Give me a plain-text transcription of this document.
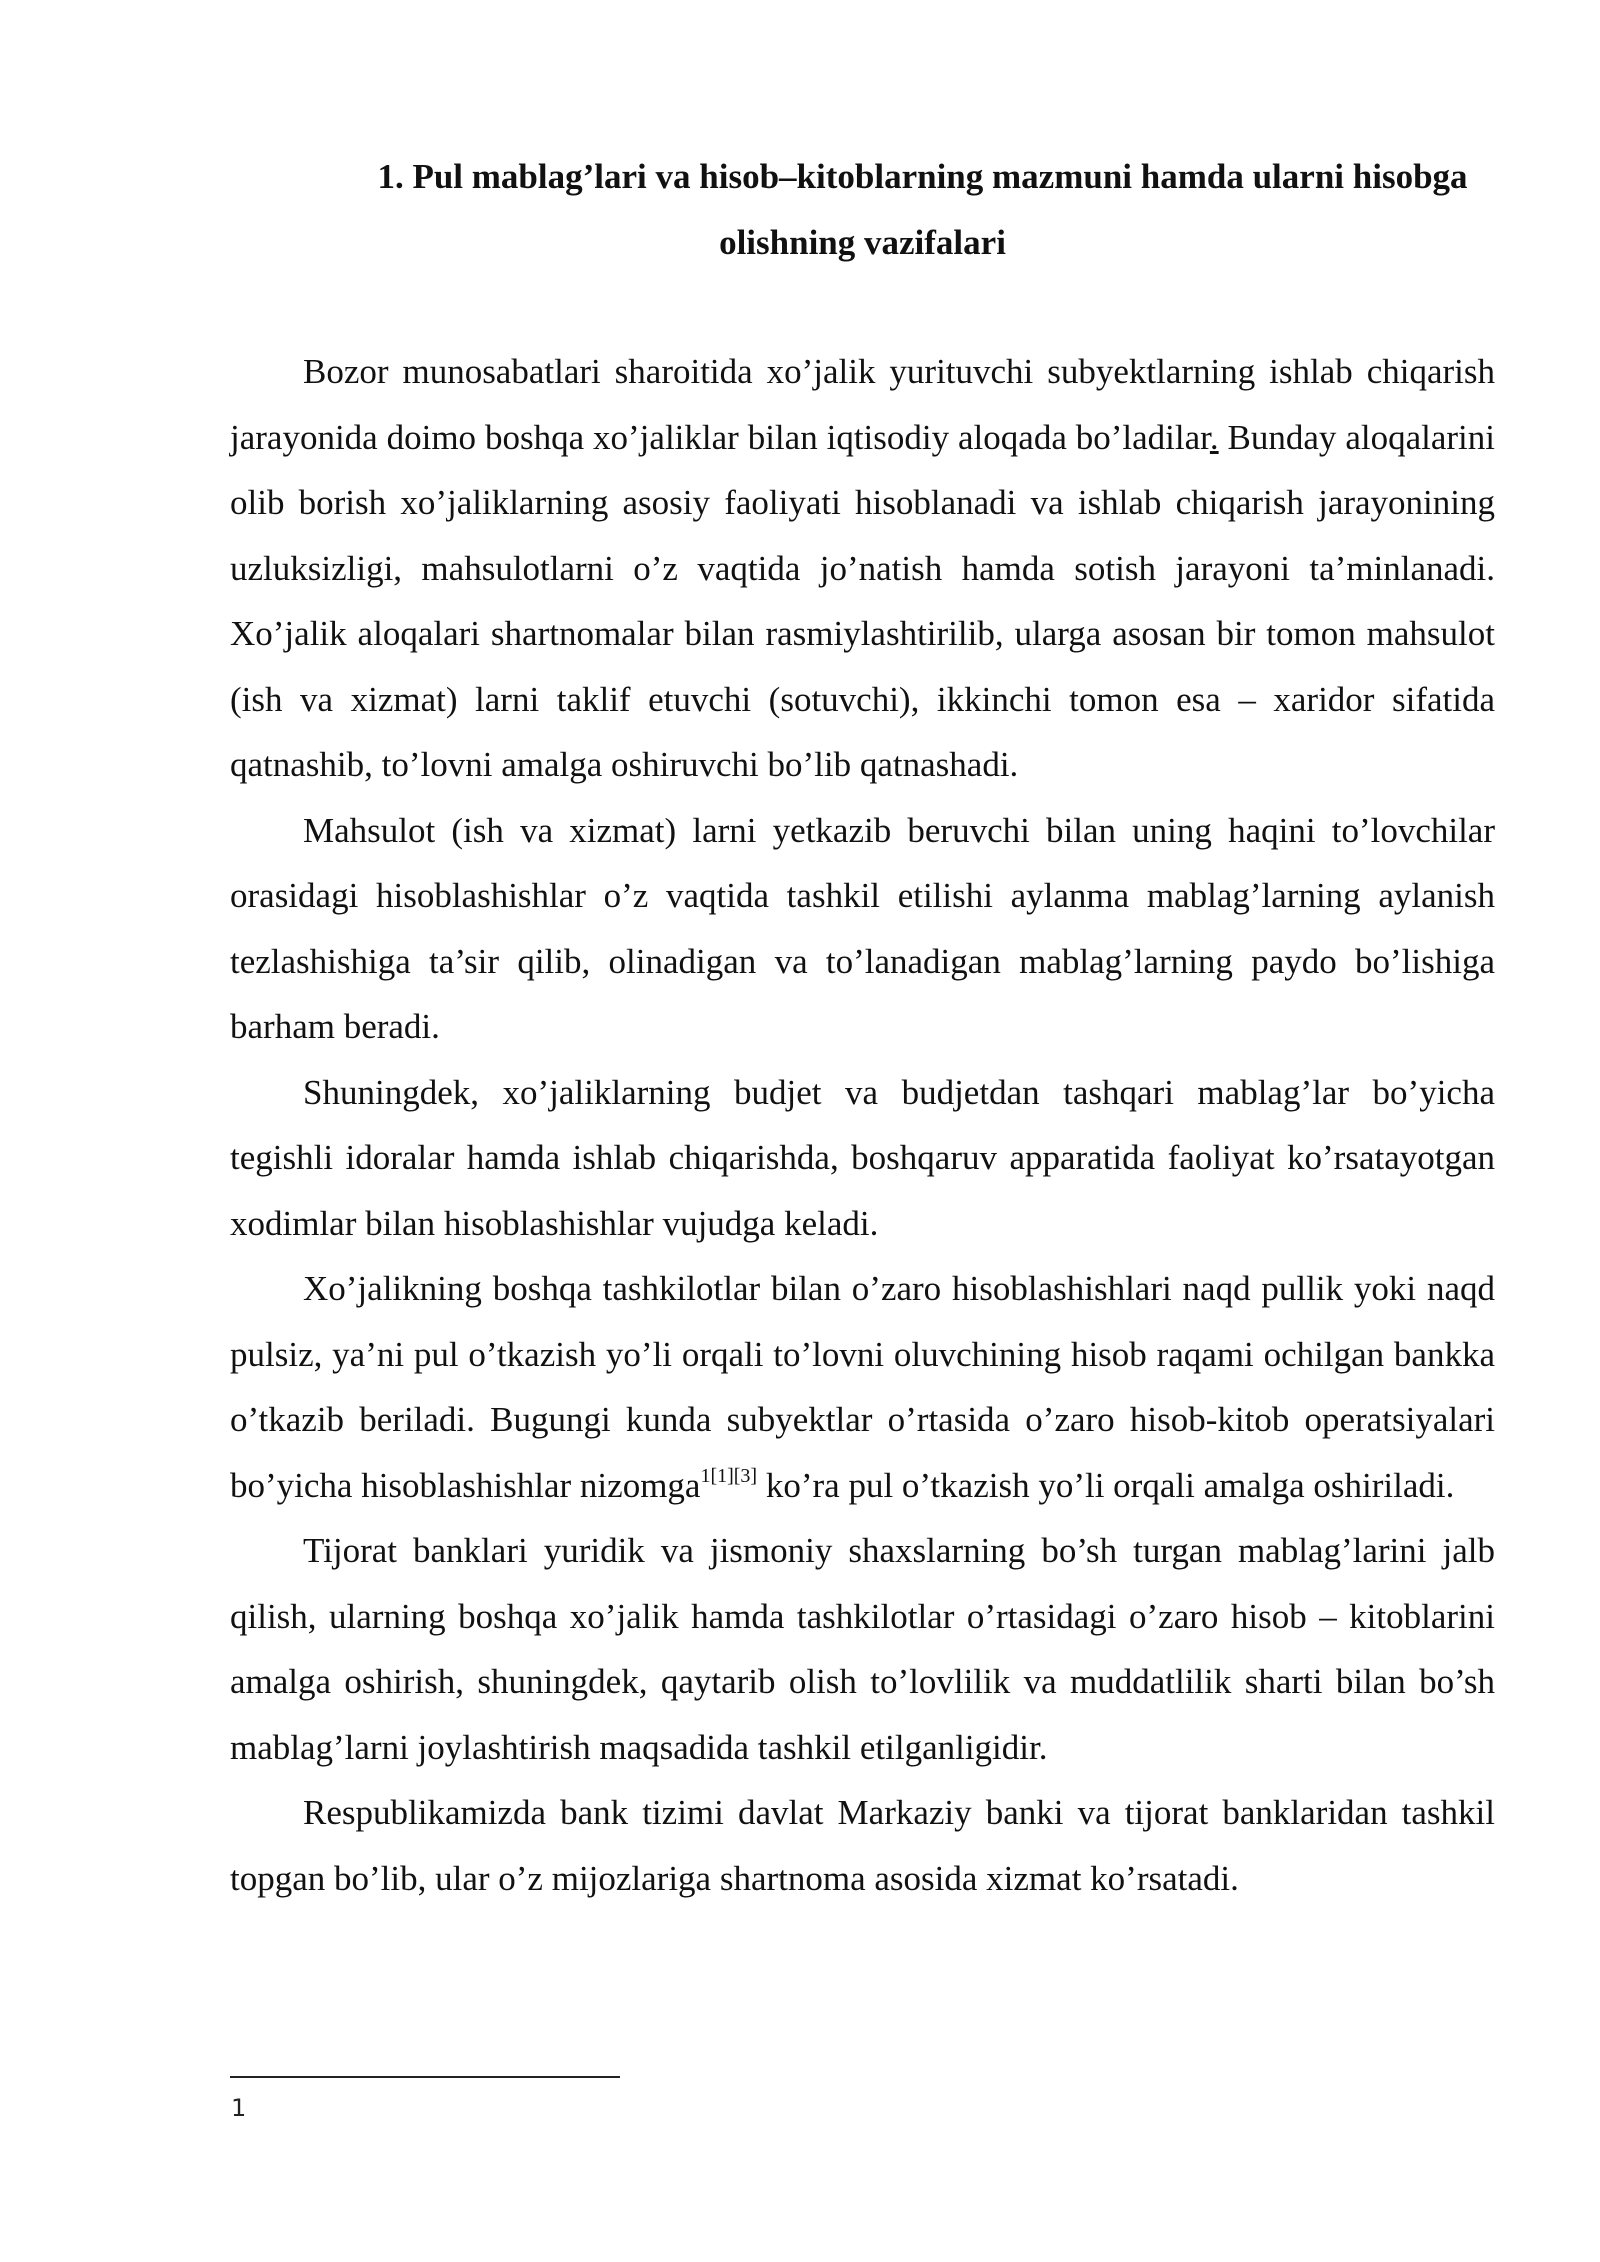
1. Pul mablag’lari va hisob–kitoblarning mazmuni hamda ularni hisobga olishning vazifalari

Bozor munosabatlari sharoitida xo’jalik yurituvchi subyektlarning ishlab chiqarish jarayonida doimo boshqa xo’jaliklar bilan iqtisodiy aloqada bo’ladilar. Bunday aloqalarini olib borish xo’jaliklarning asosiy faoliyati hisoblanadi va ishlab chiqarish jarayonining uzluksizligi, mahsulotlarni o’z vaqtida jo’natish hamda sotish jarayoni ta’minlanadi. Xo’jalik aloqalari shartnomalar bilan rasmiylashtirilib, ularga asosan bir tomon mahsulot (ish va xizmat) larni taklif etuvchi (sotuvchi), ikkinchi tomon esa – xaridor sifatida qatnashib, to’lovni amalga oshiruvchi bo’lib qatnashadi.

Mahsulot (ish va xizmat) larni yetkazib beruvchi bilan uning haqini to’lovchilar orasidagi hisoblashishlar o’z vaqtida tashkil etilishi aylanma mablag’larning aylanish tezlashishiga ta’sir qilib, olinadigan va to’lanadigan mablag’larning paydo bo’lishiga barham beradi.

Shuningdek, xo’jaliklarning budjet va budjetdan tashqari mablag’lar bo’yicha tegishli idoralar hamda ishlab chiqarishda, boshqaruv apparatida faoliyat ko’rsatayotgan xodimlar bilan hisoblashishlar vujudga keladi.

Xo’jalikning boshqa tashkilotlar bilan o’zaro hisoblashishlari naqd pullik yoki naqd pulsiz, ya’ni pul o’tkazish yo’li orqali to’lovni oluvchining hisob raqami ochilgan bankka o’tkazib beriladi. Bugungi kunda subyektlar o’rtasida o’zaro hisob-kitob operatsiyalari bo’yicha hisoblashishlar nizomga$^{1[1][3]}$ ko’ra pul o’tkazish yo’li orqali amalga oshiriladi.

Tijorat banklari yuridik va jismoniy shaxslarning bo’sh turgan mablag’larini jalb qilish, ularning boshqa xo’jalik hamda tashkilotlar o’rtasidagi o’zaro hisob – kitoblarini amalga oshirish, shuningdek, qaytarib olish to’lovlilik va muddatlilik sharti bilan bo’sh mablag’larni joylashtirish maqsadida tashkil etilganligidir.

Respublikamizda bank tizimi davlat Markaziy banki va tijorat banklaridan tashkil topgan bo’lib, ular o’z mijozlariga shartnoma asosida xizmat ko’rsatadi.

1
